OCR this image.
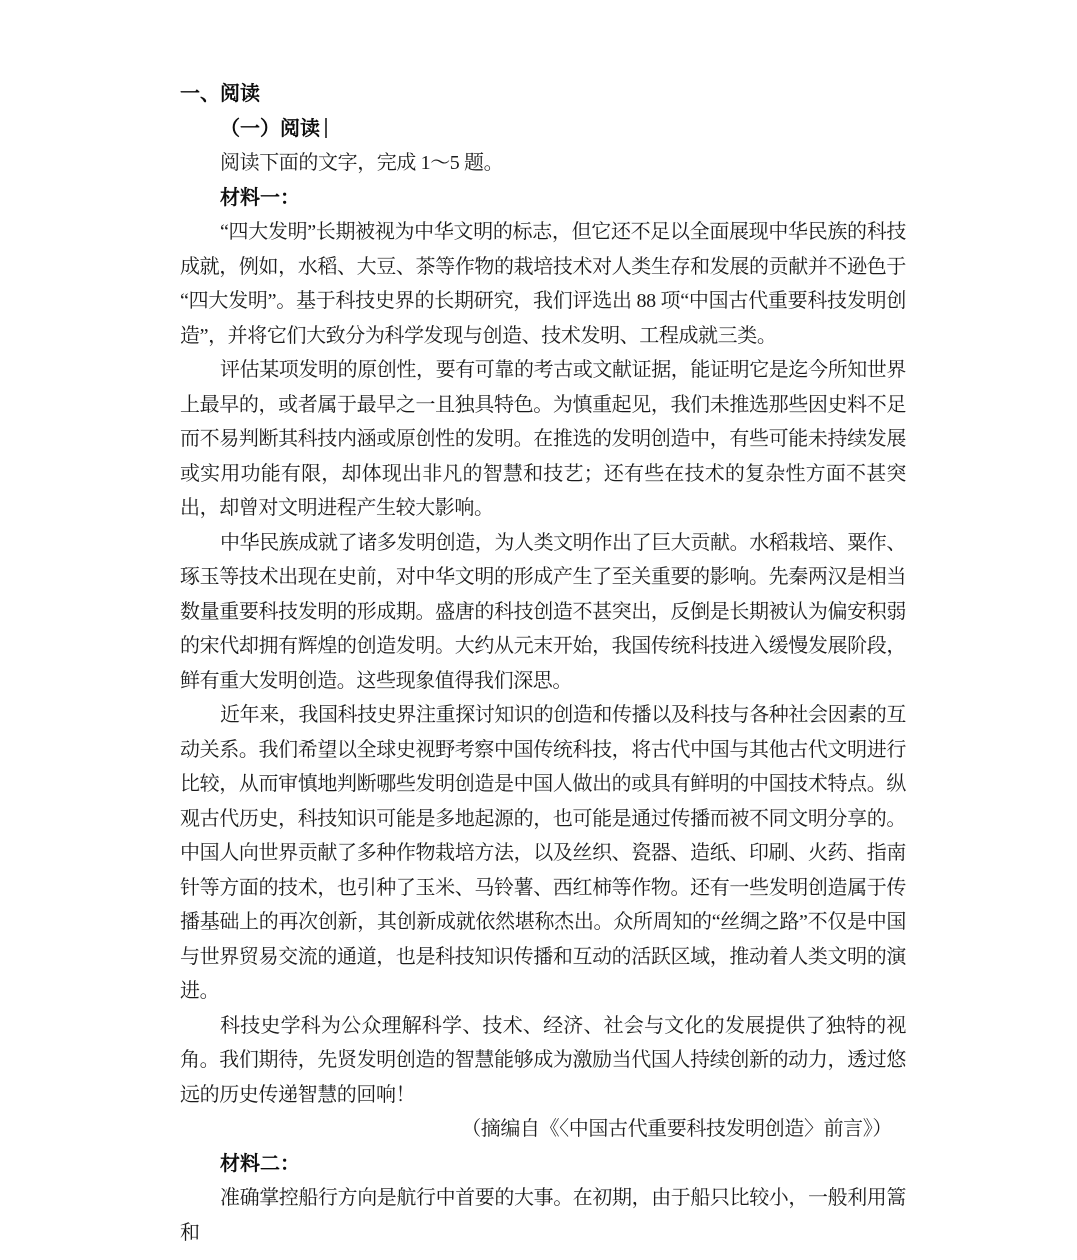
一、阅读
（一）阅读
阅读下面的文字，完成 1～5 题。
材料一：
“四大发明”长期被视为中华文明的标志，但它还不足以全面展现中华民族的科技成就，例如，水稻、大豆、茶等作物的栽培技术对人类生存和发展的贡献并不逊色于“四大发明”。基于科技史界的长期研究，我们评选出 88 项“中国古代重要科技发明创造”，并将它们大致分为科学发现与创造、技术发明、工程成就三类。
评估某项发明的原创性，要有可靠的考古或文献证据，能证明它是迄今所知世界上最早的，或者属于最早之一且独具特色。为慎重起见，我们未推选那些因史料不足而不易判断其科技内涵或原创性的发明。在推选的发明创造中，有些可能未持续发展或实用功能有限，却体现出非凡的智慧和技艺；还有些在技术的复杂性方面不甚突出，却曾对文明进程产生较大影响。
中华民族成就了诸多发明创造，为人类文明作出了巨大贡献。水稻栽培、粟作、琢玉等技术出现在史前，对中华文明的形成产生了至关重要的影响。先秦两汉是相当数量重要科技发明的形成期。盛唐的科技创造不甚突出，反倒是长期被认为偏安积弱的宋代却拥有辉煌的创造发明。大约从元末开始，我国传统科技进入缓慢发展阶段，鲜有重大发明创造。这些现象值得我们深思。
近年来，我国科技史界注重探讨知识的创造和传播以及科技与各种社会因素的互动关系。我们希望以全球史视野考察中国传统科技，将古代中国与其他古代文明进行比较，从而审慎地判断哪些发明创造是中国人做出的或具有鲜明的中国技术特点。纵观古代历史，科技知识可能是多地起源的，也可能是通过传播而被不同文明分享的。中国人向世界贡献了多种作物栽培方法，以及丝织、瓷器、造纸、印刷、火药、指南针等方面的技术，也引种了玉米、马铃薯、西红柿等作物。还有一些发明创造属于传播基础上的再次创新，其创新成就依然堪称杰出。众所周知的“丝绸之路”不仅是中国与世界贸易交流的通道，也是科技知识传播和互动的活跃区域，推动着人类文明的演进。
科技史学科为公众理解科学、技术、经济、社会与文化的发展提供了独特的视角。我们期待，先贤发明创造的智慧能够成为激励当代国人持续创新的动力，透过悠远的历史传递智慧的回响！
（摘编自《〈中国古代重要科技发明创造〉前言》）
材料二：
准确掌控船行方向是航行中首要的大事。在初期，由于船只比较小，一般利用篙和
